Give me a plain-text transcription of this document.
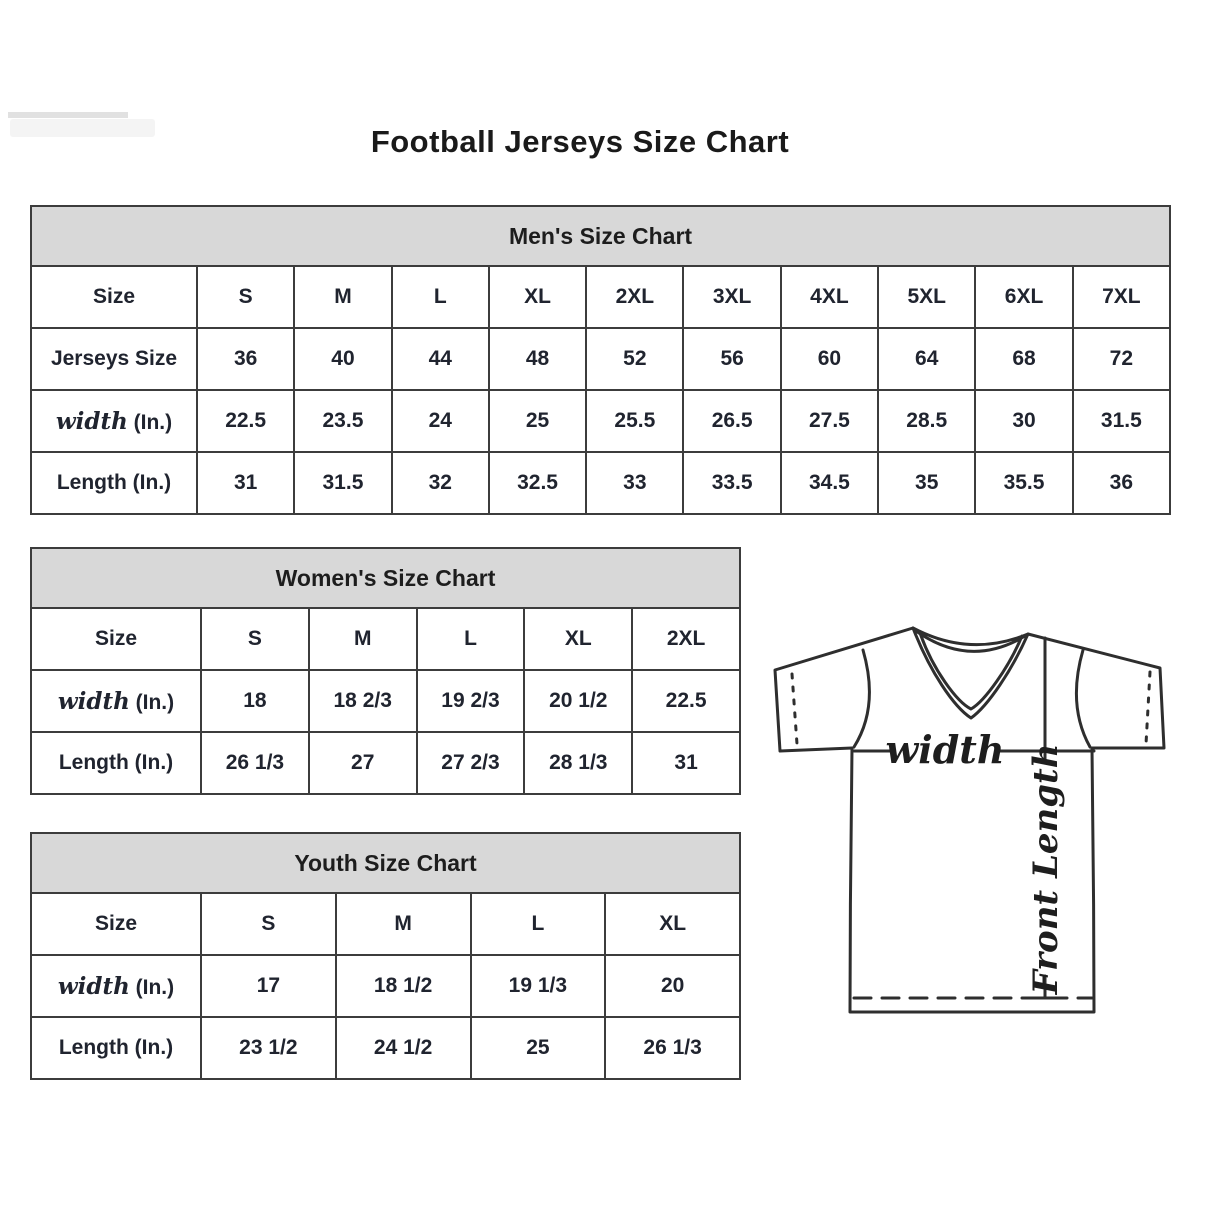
Football Jerseys Size Chart
Men's Size Chart										
Size	S	M	L	XL	2XL	3XL	4XL	5XL	6XL	7XL
Jerseys Size	36	40	44	48	52	56	60	64	68	72
width (In.)	22.5	23.5	24	25	25.5	26.5	27.5	28.5	30	31.5
Length (In.)	31	31.5	32	32.5	33	33.5	34.5	35	35.5	36
Women's Size Chart					
Size	S	M	L	XL	2XL
width (In.)	18	18 2/3	19 2/3	20 1/2	22.5
Length (In.)	26 1/3	27	27 2/3	28 1/3	31
Youth Size Chart				
Size	S	M	L	XL
width (In.)	17	18 1/2	19 1/3	20
Length (In.)	23 1/2	24 1/2	25	26 1/3
width Front Length
